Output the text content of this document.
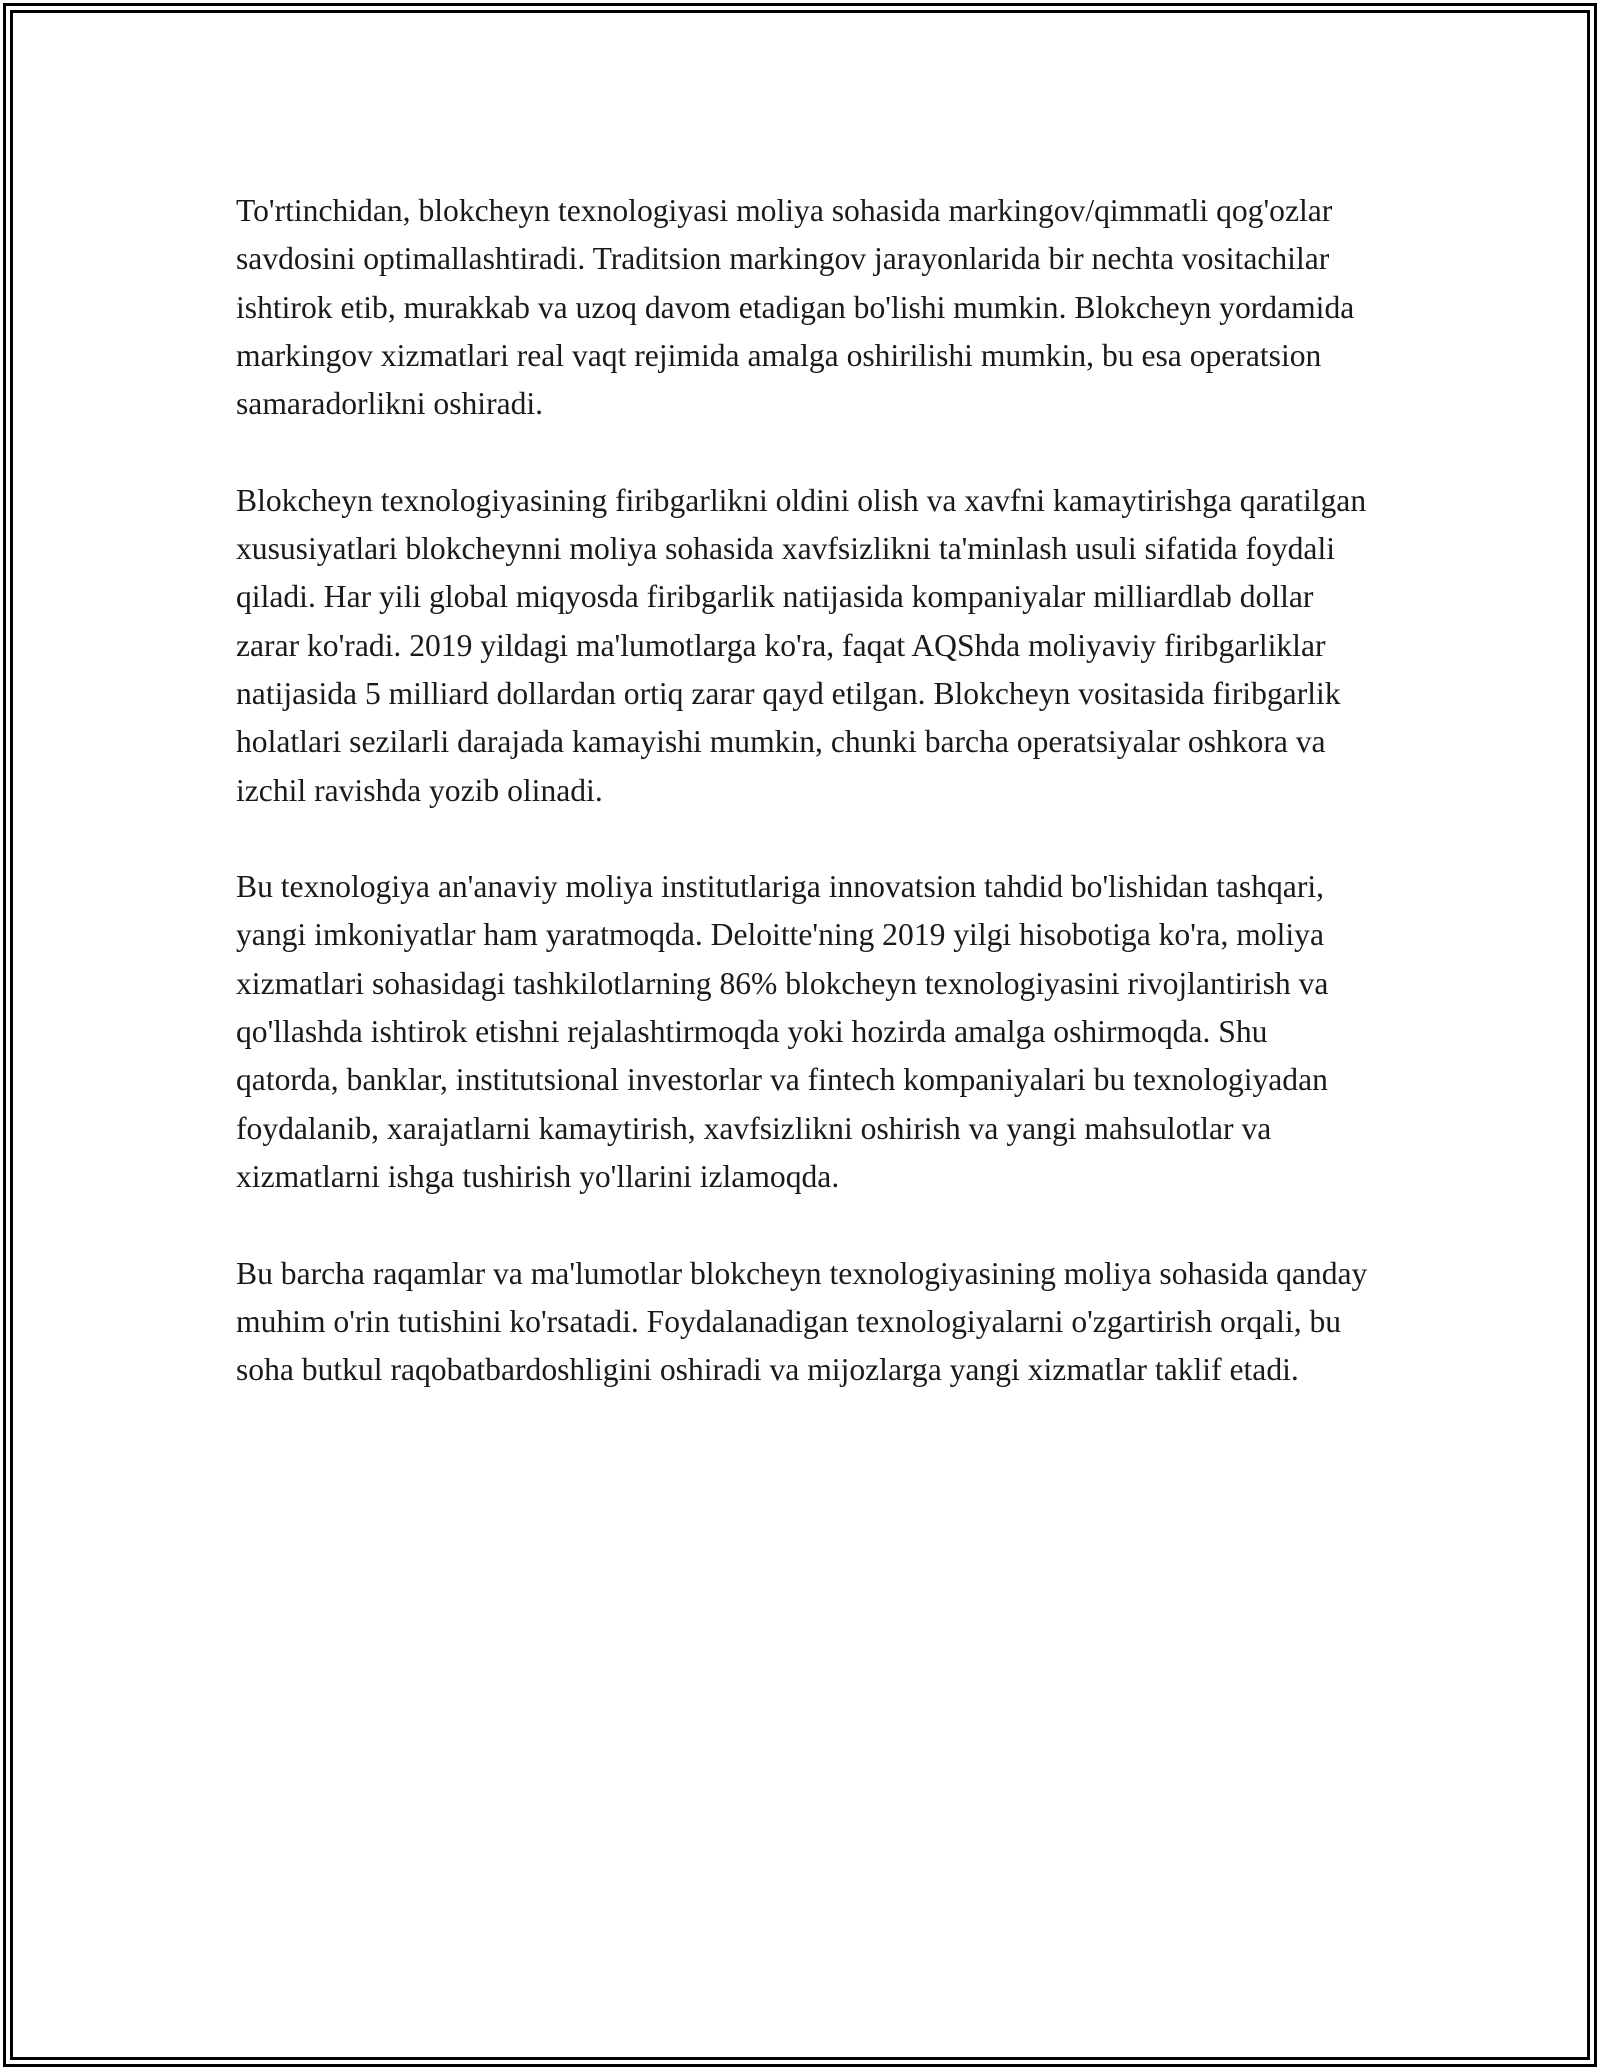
To'rtinchidan, blokcheyn texnologiyasi moliya sohasida markingov/qimmatli qog'ozlar savdosini optimallashtiradi. Traditsion markingov jarayonlarida bir nechta vositachilar ishtirok etib, murakkab va uzoq davom etadigan bo'lishi mumkin. Blokcheyn yordamida markingov xizmatlari real vaqt rejimida amalga oshirilishi mumkin, bu esa operatsion samaradorlikni oshiradi.

Blokcheyn texnologiyasining firibgarlikni oldini olish va xavfni kamaytirishga qaratilgan xususiyatlari blokcheynni moliya sohasida xavfsizlikni ta'minlash usuli sifatida foydali qiladi. Har yili global miqyosda firibgarlik natijasida kompaniyalar milliardlab dollar zarar ko'radi. 2019 yildagi ma'lumotlarga ko'ra, faqat AQShda moliyaviy firibgarliklar natijasida 5 milliard dollardan ortiq zarar qayd etilgan. Blokcheyn vositasida firibgarlik holatlari sezilarli darajada kamayishi mumkin, chunki barcha operatsiyalar oshkora va izchil ravishda yozib olinadi.

Bu texnologiya an'anaviy moliya institutlariga innovatsion tahdid bo'lishidan tashqari, yangi imkoniyatlar ham yaratmoqda. Deloitte'ning 2019 yilgi hisobotiga ko'ra, moliya xizmatlari sohasidagi tashkilotlarning 86% blokcheyn texnologiyasini rivojlantirish va qo'llashda ishtirok etishni rejalashtirmoqda yoki hozirda amalga oshirmoqda. Shu qatorda, banklar, institutsional investorlar va fintech kompaniyalari bu texnologiyadan foydalanib, xarajatlarni kamaytirish, xavfsizlikni oshirish va yangi mahsulotlar va xizmatlarni ishga tushirish yo'llarini izlamoqda.

Bu barcha raqamlar va ma'lumotlar blokcheyn texnologiyasining moliya sohasida qanday muhim o'rin tutishini ko'rsatadi. Foydalanadigan texnologiyalarni o'zgartirish orqali, bu soha butkul raqobatbardoshligini oshiradi va mijozlarga yangi xizmatlar taklif etadi.
